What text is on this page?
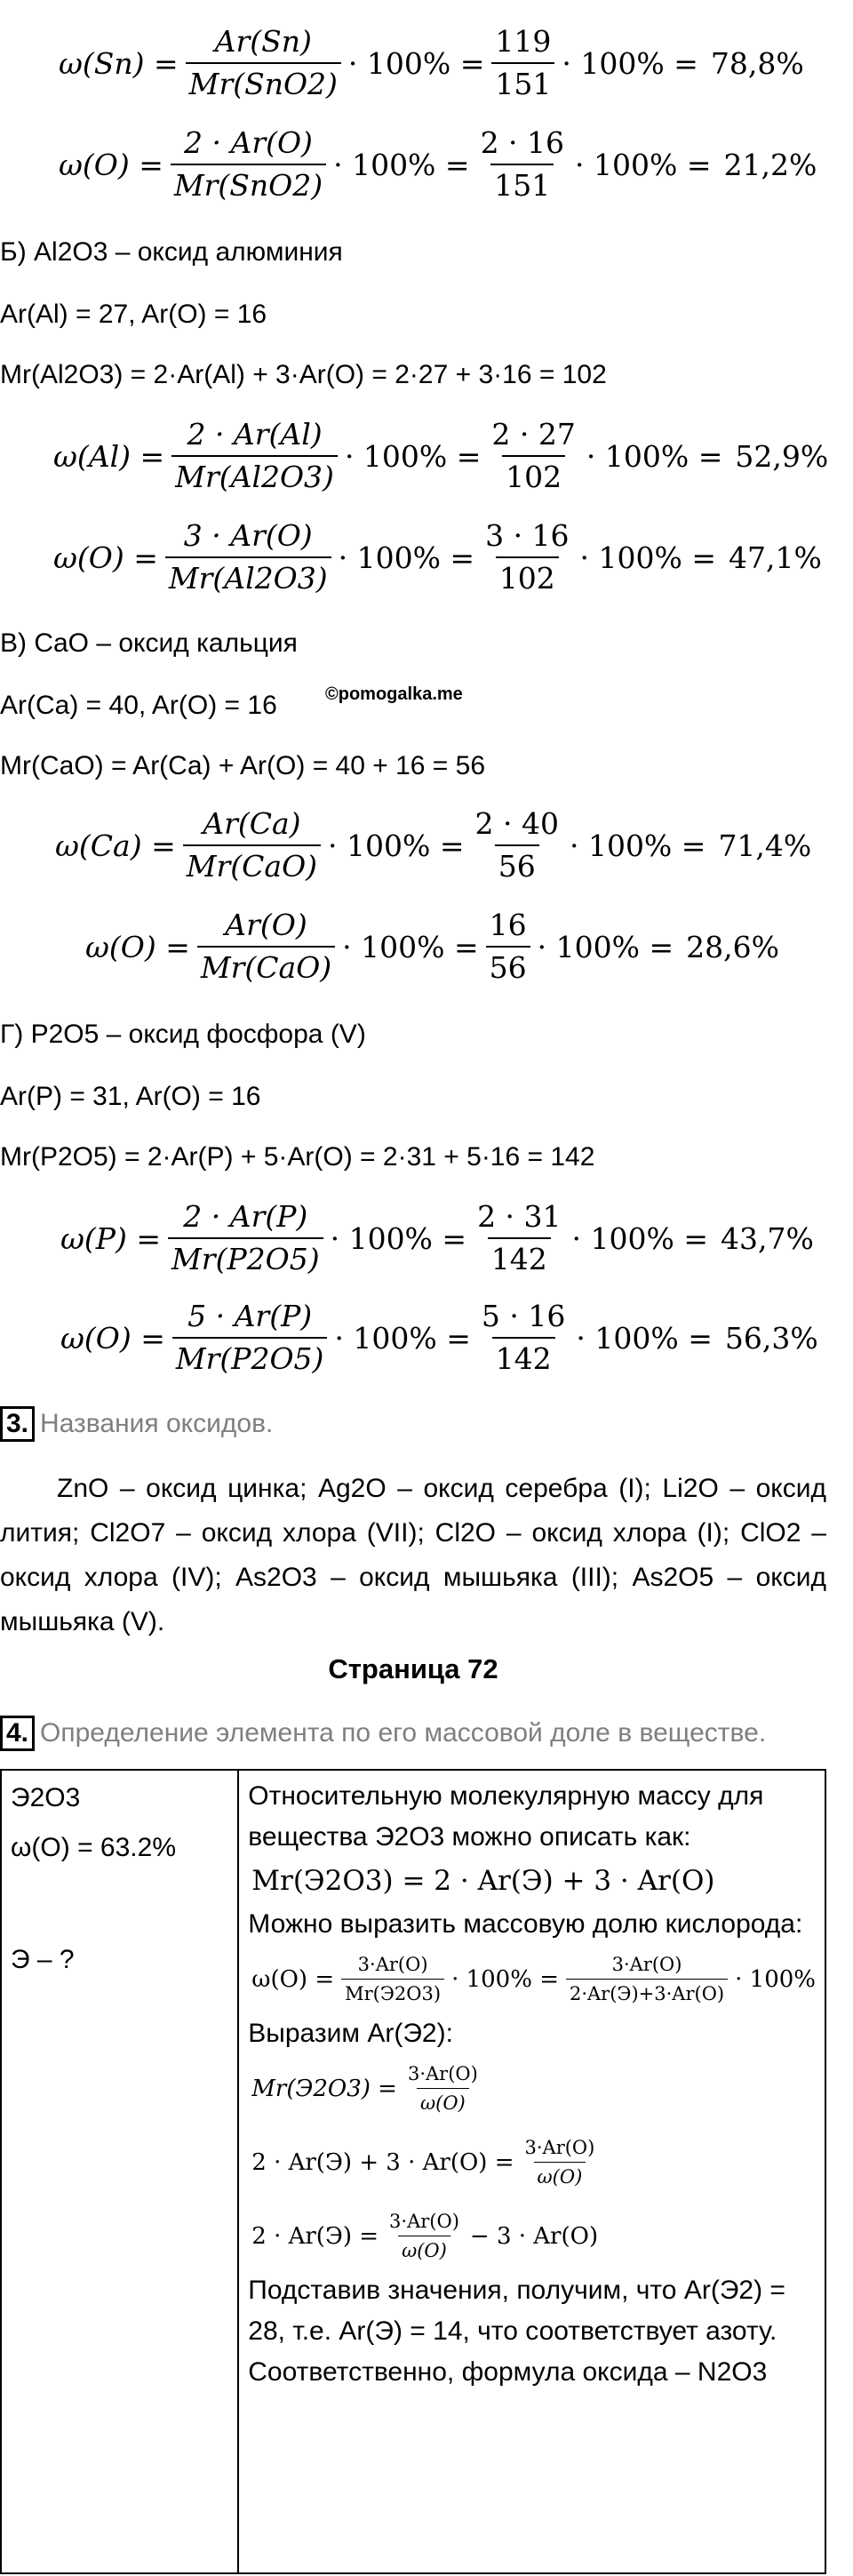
$\omega(Sn) = \frac{Ar(Sn)}{\text{Mr(SnO2)}} \cdot 100\% = \frac{119}{151} \cdot 100\% = 78,8\%$
$\omega(O) = \frac{2 \cdot Ar(O)}{\text{Mr(SnO2)}} \cdot 100\% = \frac{2 \cdot 16}{151} \cdot 100\% = 21,2\%$
Б) Al2O3 – оксид алюминия
Ar(Al) = 27, Ar(O) = 16
Mr(Al2O3) = 2·Ar(Al) + 3·Ar(O) = 2·27 + 3·16 = 102
$\omega(Al) = \frac{2 \cdot Ar(Al)}{Mr(Al2O3)} \cdot 100\% = \frac{2 \cdot 27}{102} \cdot 100\% = 52,9\%$
$\omega(O) = \frac{3 \cdot Ar(O)}{Mr(Al2O3)} \cdot 100\% = \frac{3 \cdot 16}{102} \cdot 100\% = 47,1\%$
В) CaO – оксид кальция
Ar(Ca) = 40, Ar(O) = 16	©pomogalka.me
Mr(CaO) = Ar(Ca) + Ar(O) = 40 + 16 = 56
$\omega(Ca) = \frac{Ar(Ca)}{\text{Mr(CaO)}} \cdot 100\% = \frac{2 \cdot 40}{56} \cdot 100\% = 71,4\%$
$\omega(O) = \frac{Ar(O)}{\text{Mr(CaO)}} \cdot 100\% = \frac{16}{56} \cdot 100\% = 28,6\%$
Г) P2O5 – оксид фосфора (V)
Ar(P) = 31, Ar(O) = 16
Mr(P2O5) = 2·Ar(P) + 5·Ar(O) = 2·31 + 5·16 = 142
$\omega(P) = \frac{2 \cdot Ar(P)}{Mr(P2O5)} \cdot 100\% = \frac{2 \cdot 31}{142} \cdot 100\% = 43,7\%$
$\omega(O) = \frac{5 \cdot Ar(P)}{Mr(P2O5)} \cdot 100\% = \frac{5 \cdot 16}{142} \cdot 100\% = 56,3\%$
3. Названия оксидов.
ZnO – оксид цинка; Ag2O – оксид серебра (I); Li2O – оксид лития; Cl2O7 – оксид хлора (VII); Cl2O – оксид хлора (I); ClO2 – оксид хлора (IV); As2O3 – оксид мышьяка (III); As2O5 – оксид мышьяка (V).
Страница 72
4. Определение элемента по его массовой доле в веществе.
Э2O3
ω(O) = 63.2%
Э – ?

Относительную молекулярную массу для вещества Э2O3 можно описать как:
Mr(Э2O3) = 2 · Ar(Э) + 3 · Ar(O)
Можно выразить массовую долю кислорода:
$\omega(O) = \frac{3\cdot Ar(O)}{Mr(Э2O3)} \cdot 100\% = \frac{3\cdot Ar(O)}{2\cdot Ar(Э)+3\cdot Ar(O)} \cdot 100\%$
Выразим Ar(Э2):
$Mr(Э2O3) = \frac{3\cdot Ar(O)}{\omega(O)}$
$2 \cdot Ar(Э) + 3 \cdot Ar(O) = \frac{3\cdot Ar(O)}{\omega(O)}$
$2 \cdot Ar(Э) = \frac{3\cdot Ar(O)}{\omega(O)} - 3 \cdot Ar(O)$
Подставив значения, получим, что Ar(Э2) = 28, т.е. Ar(Э) = 14, что соответствует азоту. Соответственно, формула оксида – N2O3
